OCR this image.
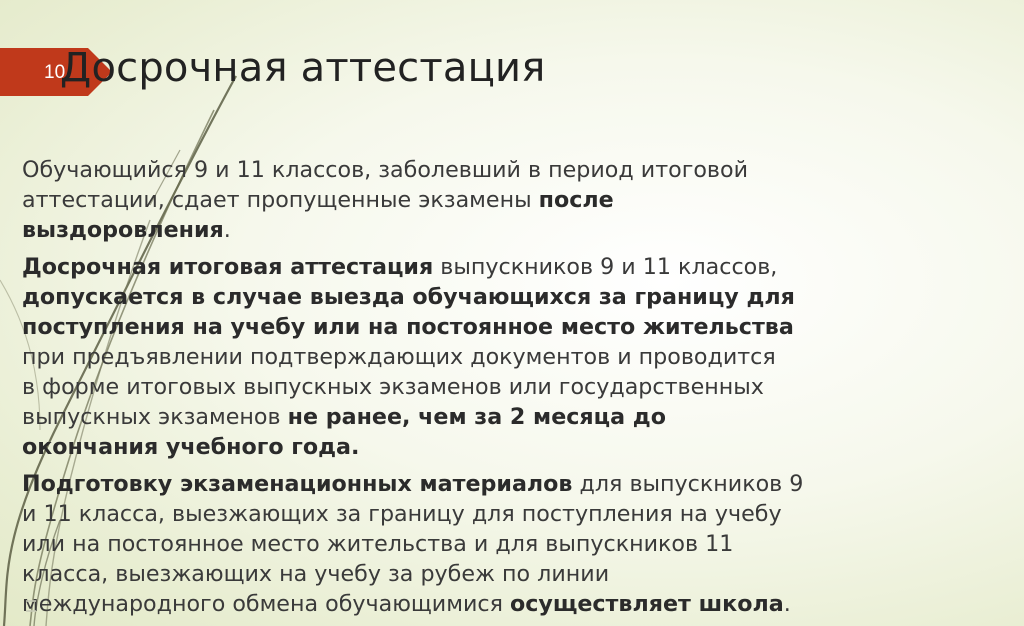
10
Досрочная аттестация

Обучающийся 9 и 11 классов, заболевший в период итоговой
аттестации, сдает пропущенные экзамены после
выздоровления.

Досрочная итоговая аттестация выпускников 9 и 11 классов,
допускается в случае выезда обучающихся за границу для
поступления на учебу или на постоянное место жительства
при предъявлении подтверждающих документов и проводится
в форме итоговых выпускных экзаменов или государственных
выпускных экзаменов не ранее, чем за 2 месяца до
окончания учебного года.

Подготовку экзаменационных материалов для выпускников 9
и 11 класса, выезжающих за границу для поступления на учебу
или на постоянное место жительства и для выпускников 11
класса, выезжающих на учебу за рубеж по линии
международного обмена обучающимися осуществляет школа.
